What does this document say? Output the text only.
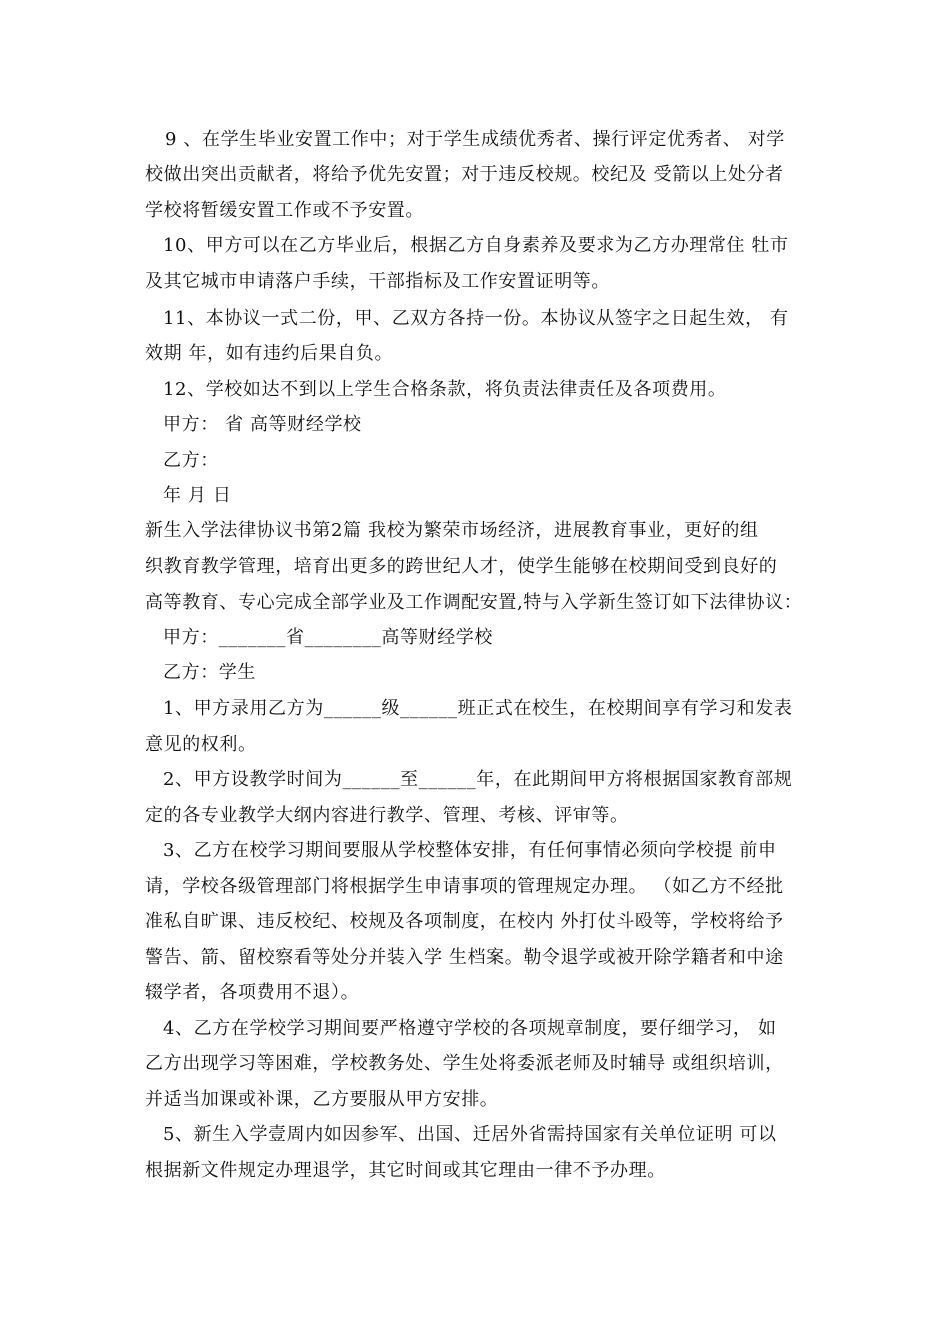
9 、在学生毕业安置工作中；对于学生成绩优秀者、操行评定优秀者、 对学
校做出突出贡献者，将给予优先安置；对于违反校规。校纪及 受箭以上处分者
学校将暂缓安置工作或不予安置。
10、甲方可以在乙方毕业后，根据乙方自身素养及要求为乙方办理常住 牡市
及其它城市申请落户手续，干部指标及工作安置证明等。
11、本协议一式二份，甲、乙双方各持一份。本协议从签字之日起生效， 有
效期 年，如有违约后果自负。
12、学校如达不到以上学生合格条款，将负责法律责任及各项费用。
甲方： 省 高等财经学校
乙方：
年 月 日
新生入学法律协议书第2篇 我校为繁荣市场经济，进展教育事业，更好的组
织教育教学管理，培育出更多的跨世纪人才，使学生能够在校期间受到良好的
高等教育、专心完成全部学业及工作调配安置,特与入学新生签订如下法律协议：
甲方：_______省________高等财经学校
乙方：学生
1、甲方录用乙方为______级______班正式在校生，在校期间享有学习和发表
意见的权利。
2、甲方设教学时间为______至______年，在此期间甲方将根据国家教育部规
定的各专业教学大纲内容进行教学、管理、考核、评审等。
3、乙方在校学习期间要服从学校整体安排，有任何事情必须向学校提 前申
请，学校各级管理部门将根据学生申请事项的管理规定办理。 （如乙方不经批
准私自旷课、违反校纪、校规及各项制度，在校内 外打仗斗殴等，学校将给予
警告、箭、留校察看等处分并装入学 生档案。勒令退学或被开除学籍者和中途
辍学者，各项费用不退）。
4、乙方在学校学习期间要严格遵守学校的各项规章制度，要仔细学习， 如
乙方出现学习等困难，学校教务处、学生处将委派老师及时辅导 或组织培训，
并适当加课或补课，乙方要服从甲方安排。
5、新生入学壹周内如因参军、出国、迁居外省需持国家有关单位证明 可以
根据新文件规定办理退学，其它时间或其它理由一律不予办理。
